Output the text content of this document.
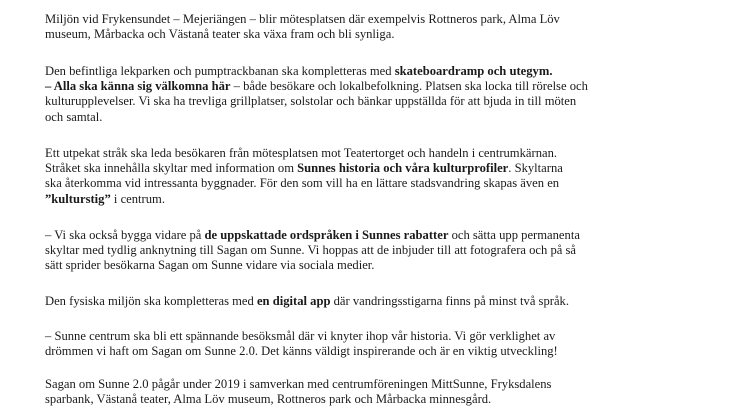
Miljön vid Frykensundet – Mejeriängen – blir mötesplatsen där exempelvis Rottneros park, Alma Löv
museum, Mårbacka och Västanå teater ska växa fram och bli synliga.

Den befintliga lekparken och pumptrackbanan ska kompletteras med skateboardramp och utegym.
– Alla ska känna sig välkomna här – både besökare och lokalbefolkning. Platsen ska locka till rörelse och
kulturupplevelser. Vi ska ha trevliga grillplatser, solstolar och bänkar uppställda för att bjuda in till möten
och samtal.

Ett utpekat stråk ska leda besökaren från mötesplatsen mot Teatertorget och handeln i centrumkärnan.
Stråket ska innehålla skyltar med information om Sunnes historia och våra kulturprofiler. Skyltarna
ska återkomma vid intressanta byggnader. För den som vill ha en lättare stadsvandring skapas även en
”kulturstig” i centrum.

– Vi ska också bygga vidare på de uppskattade ordspråken i Sunnes rabatter och sätta upp permanenta
skyltar med tydlig anknytning till Sagan om Sunne. Vi hoppas att de inbjuder till att fotografera och på så
sätt sprider besökarna Sagan om Sunne vidare via sociala medier.

Den fysiska miljön ska kompletteras med en digital app där vandringsstigarna finns på minst två språk.

– Sunne centrum ska bli ett spännande besöksmål där vi knyter ihop vår historia. Vi gör verklighet av
drömmen vi haft om Sagan om Sunne 2.0. Det känns väldigt inspirerande och är en viktig utveckling!

Sagan om Sunne 2.0 pågår under 2019 i samverkan med centrumföreningen MittSunne, Fryksdalens
sparbank, Västanå teater, Alma Löv museum, Rottneros park och Mårbacka minnesgård.
